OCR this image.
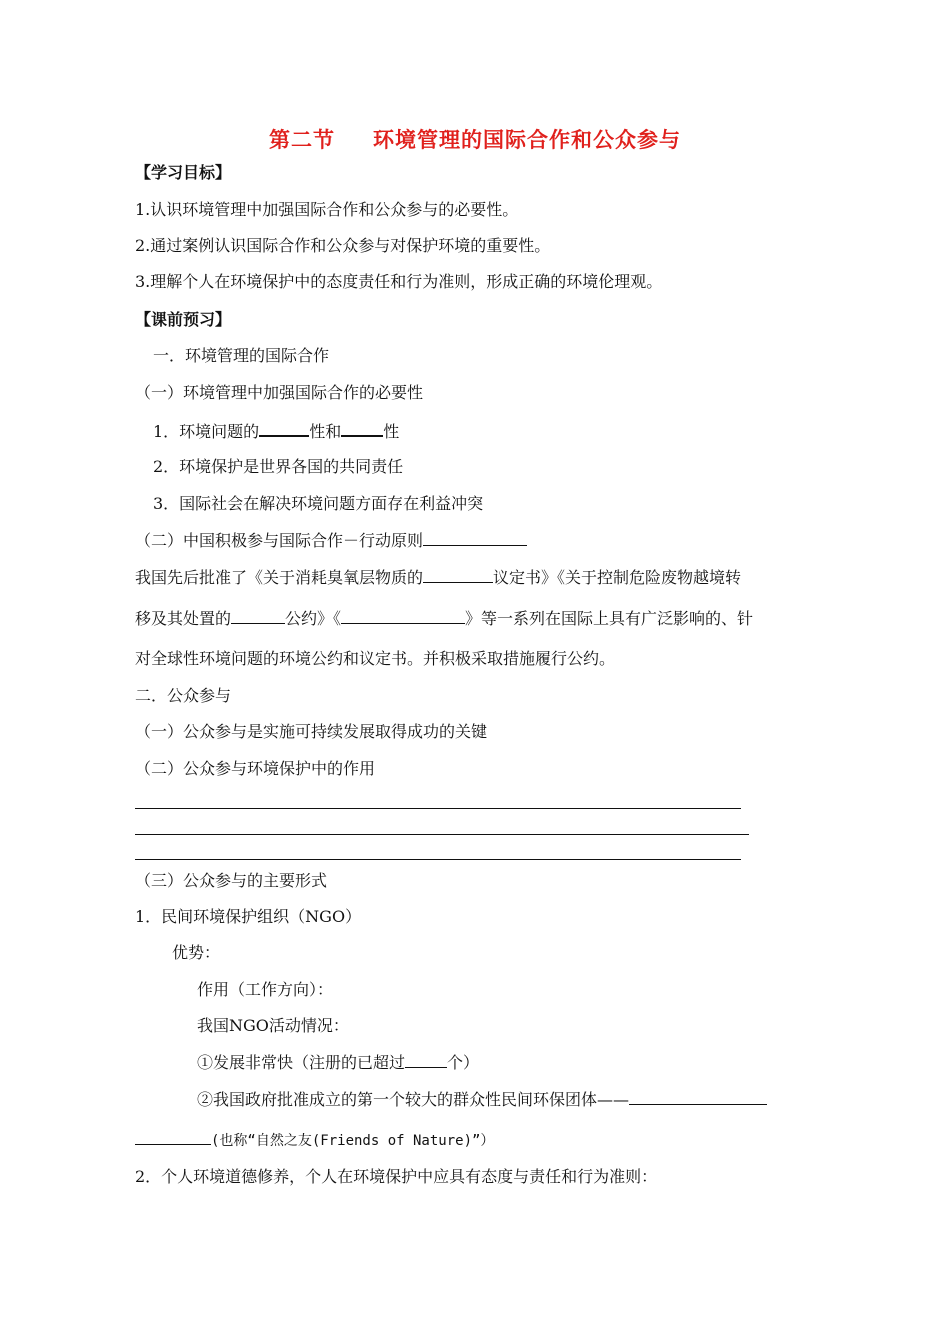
第二节 环境管理的国际合作和公众参与
【学习目标】
1.认识环境管理中加强国际合作和公众参与的必要性。
2.通过案例认识国际合作和公众参与对保护环境的重要性。
3.理解个人在环境保护中的态度责任和行为准则，形成正确的环境伦理观。
【课前预习】
一．环境管理的国际合作
（一）环境管理中加强国际合作的必要性
1．环境问题的	性和	性
2．环境保护是世界各国的共同责任
3．国际社会在解决环境问题方面存在利益冲突
（二）中国积极参与国际合作－行动原则
我国先后批准了《关于消耗臭氧层物质的	议定书》《关于控制危险废物越境转
移及其处置的	公约》《	》等一系列在国际上具有广泛影响的、针
对全球性环境问题的环境公约和议定书。并积极采取措施履行公约。
二．公众参与
（一）公众参与是实施可持续发展取得成功的关键
（二）公众参与环境保护中的作用
（三）公众参与的主要形式
1．民间环境保护组织（NGO）
优势：
作用（工作方向）：
我国NGO活动情况：
①发展非常快（注册的已超过	个）
②我国政府批准成立的第一个较大的群众性民间环保团体——
(也称“自然之友(Friends of Nature)”）
2．个人环境道德修养，个人在环境保护中应具有态度与责任和行为准则：
